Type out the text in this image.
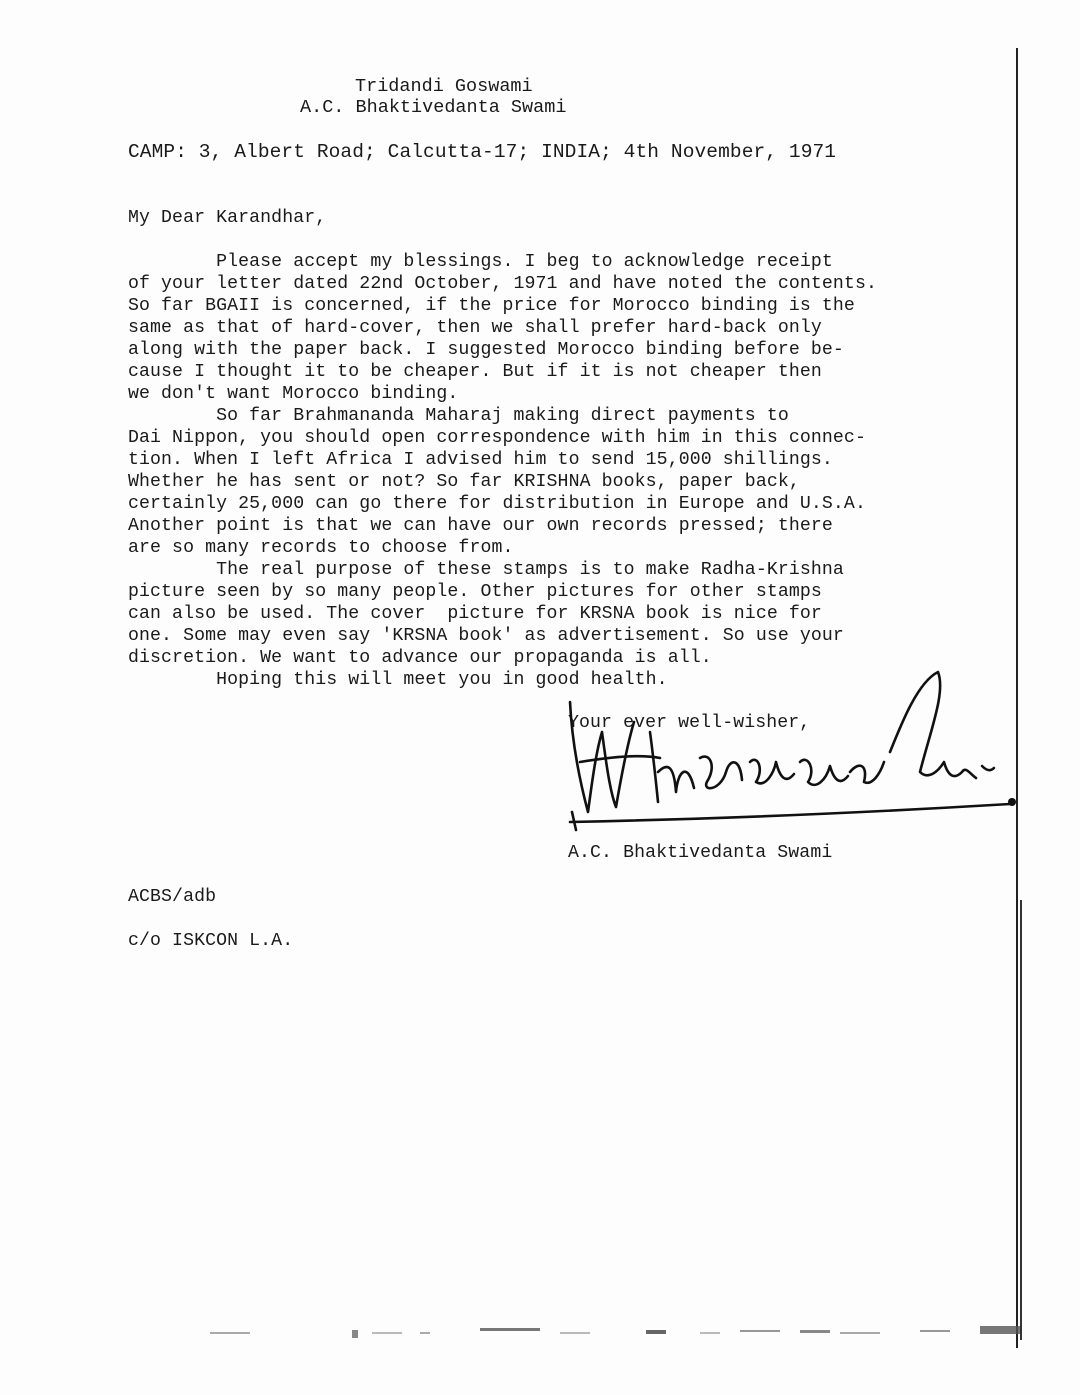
Tridandi Goswami
A.C. Bhaktivedanta Swami
CAMP: 3, Albert Road; Calcutta-17; INDIA; 4th November, 1971
My Dear Karandhar,
Please accept my blessings. I beg to acknowledge receipt
of your letter dated 22nd October, 1971 and have noted the contents.
So far BGAII is concerned, if the price for Morocco binding is the
same as that of hard-cover, then we shall prefer hard-back only
along with the paper back. I suggested Morocco binding before be-
cause I thought it to be cheaper. But if it is not cheaper then
we don't want Morocco binding.
So far Brahmananda Maharaj making direct payments to
Dai Nippon, you should open correspondence with him in this connec-
tion. When I left Africa I advised him to send 15,000 shillings.
Whether he has sent or not? So far KRISHNA books, paper back,
certainly 25,000 can go there for distribution in Europe and U.S.A.
Another point is that we can have our own records pressed; there
are so many records to choose from.
The real purpose of these stamps is to make Radha-Krishna
picture seen by so many people. Other pictures for other stamps
can also be used. The cover  picture for KRSNA book is nice for
one. Some may even say 'KRSNA book' as advertisement. So use your
discretion. We want to advance our propaganda is all.
Hoping this will meet you in good health.
Your ever well-wisher,
A.C. Bhaktivedanta Swami
ACBS/adb
c/o ISKCON L.A.
